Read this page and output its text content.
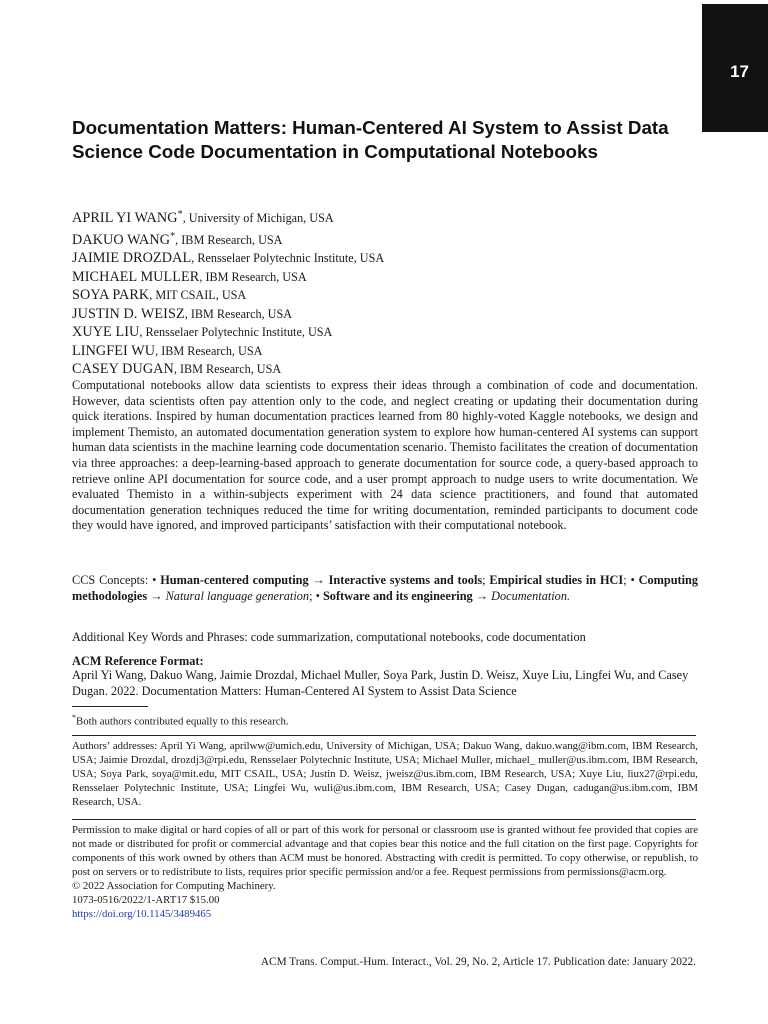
17
Documentation Matters: Human-Centered AI System to Assist Data Science Code Documentation in Computational Notebooks
APRIL YI WANG*, University of Michigan, USA
DAKUO WANG*, IBM Research, USA
JAIMIE DROZDAL, Rensselaer Polytechnic Institute, USA
MICHAEL MULLER, IBM Research, USA
SOYA PARK, MIT CSAIL, USA
JUSTIN D. WEISZ, IBM Research, USA
XUYE LIU, Rensselaer Polytechnic Institute, USA
LINGFEI WU, IBM Research, USA
CASEY DUGAN, IBM Research, USA

Computational notebooks allow data scientists to express their ideas through a combination of code and documentation. However, data scientists often pay attention only to the code, and neglect creating or updating their documentation during quick iterations. Inspired by human documentation practices learned from 80 highly-voted Kaggle notebooks, we design and implement Themisto, an automated documentation generation system to explore how human-centered AI systems can support human data scientists in the machine learning code documentation scenario. Themisto facilitates the creation of documentation via three approaches: a deep-learning-based approach to generate documentation for source code, a query-based approach to retrieve online API documentation for source code, and a user prompt approach to nudge users to write documentation. We evaluated Themisto in a within-subjects experiment with 24 data science practitioners, and found that automated documentation generation techniques reduced the time for writing documentation, reminded participants to document code they would have ignored, and improved participants’ satisfaction with their computational notebook.

CCS Concepts: • Human-centered computing → Interactive systems and tools; Empirical studies in HCI; • Computing methodologies → Natural language generation; • Software and its engineering → Documentation.

Additional Key Words and Phrases: code summarization, computational notebooks, code documentation

ACM Reference Format:

April Yi Wang, Dakuo Wang, Jaimie Drozdal, Michael Muller, Soya Park, Justin D. Weisz, Xuye Liu, Lingfei Wu, and Casey Dugan. 2022. Documentation Matters: Human-Centered AI System to Assist Data Science

*Both authors contributed equally to this research.

Authors’ addresses: April Yi Wang, aprilww@umich.edu, University of Michigan, USA; Dakuo Wang, dakuo.wang@ibm.com, IBM Research, USA; Jaimie Drozdal, drozdj3@rpi.edu, Rensselaer Polytechnic Institute, USA; Michael Muller, michael_ muller@us.ibm.com, IBM Research, USA; Soya Park, soya@mit.edu, MIT CSAIL, USA; Justin D. Weisz, jweisz@us.ibm.com, IBM Research, USA; Xuye Liu, liux27@rpi.edu, Rensselaer Polytechnic Institute, USA; Lingfei Wu, wuli@us.ibm.com, IBM Research, USA; Casey Dugan, cadugan@us.ibm.com, IBM Research, USA.

Permission to make digital or hard copies of all or part of this work for personal or classroom use is granted without fee provided that copies are not made or distributed for profit or commercial advantage and that copies bear this notice and the full citation on the first page. Copyrights for components of this work owned by others than ACM must be honored. Abstracting with credit is permitted. To copy otherwise, or republish, to post on servers or to redistribute to lists, requires prior specific permission and/or a fee. Request permissions from permissions@acm.org.

© 2022 Association for Computing Machinery.

1073-0516/2022/1-ART17 $15.00

https://doi.org/10.1145/3489465

ACM Trans. Comput.-Hum. Interact., Vol. 29, No. 2, Article 17. Publication date: January 2022.
